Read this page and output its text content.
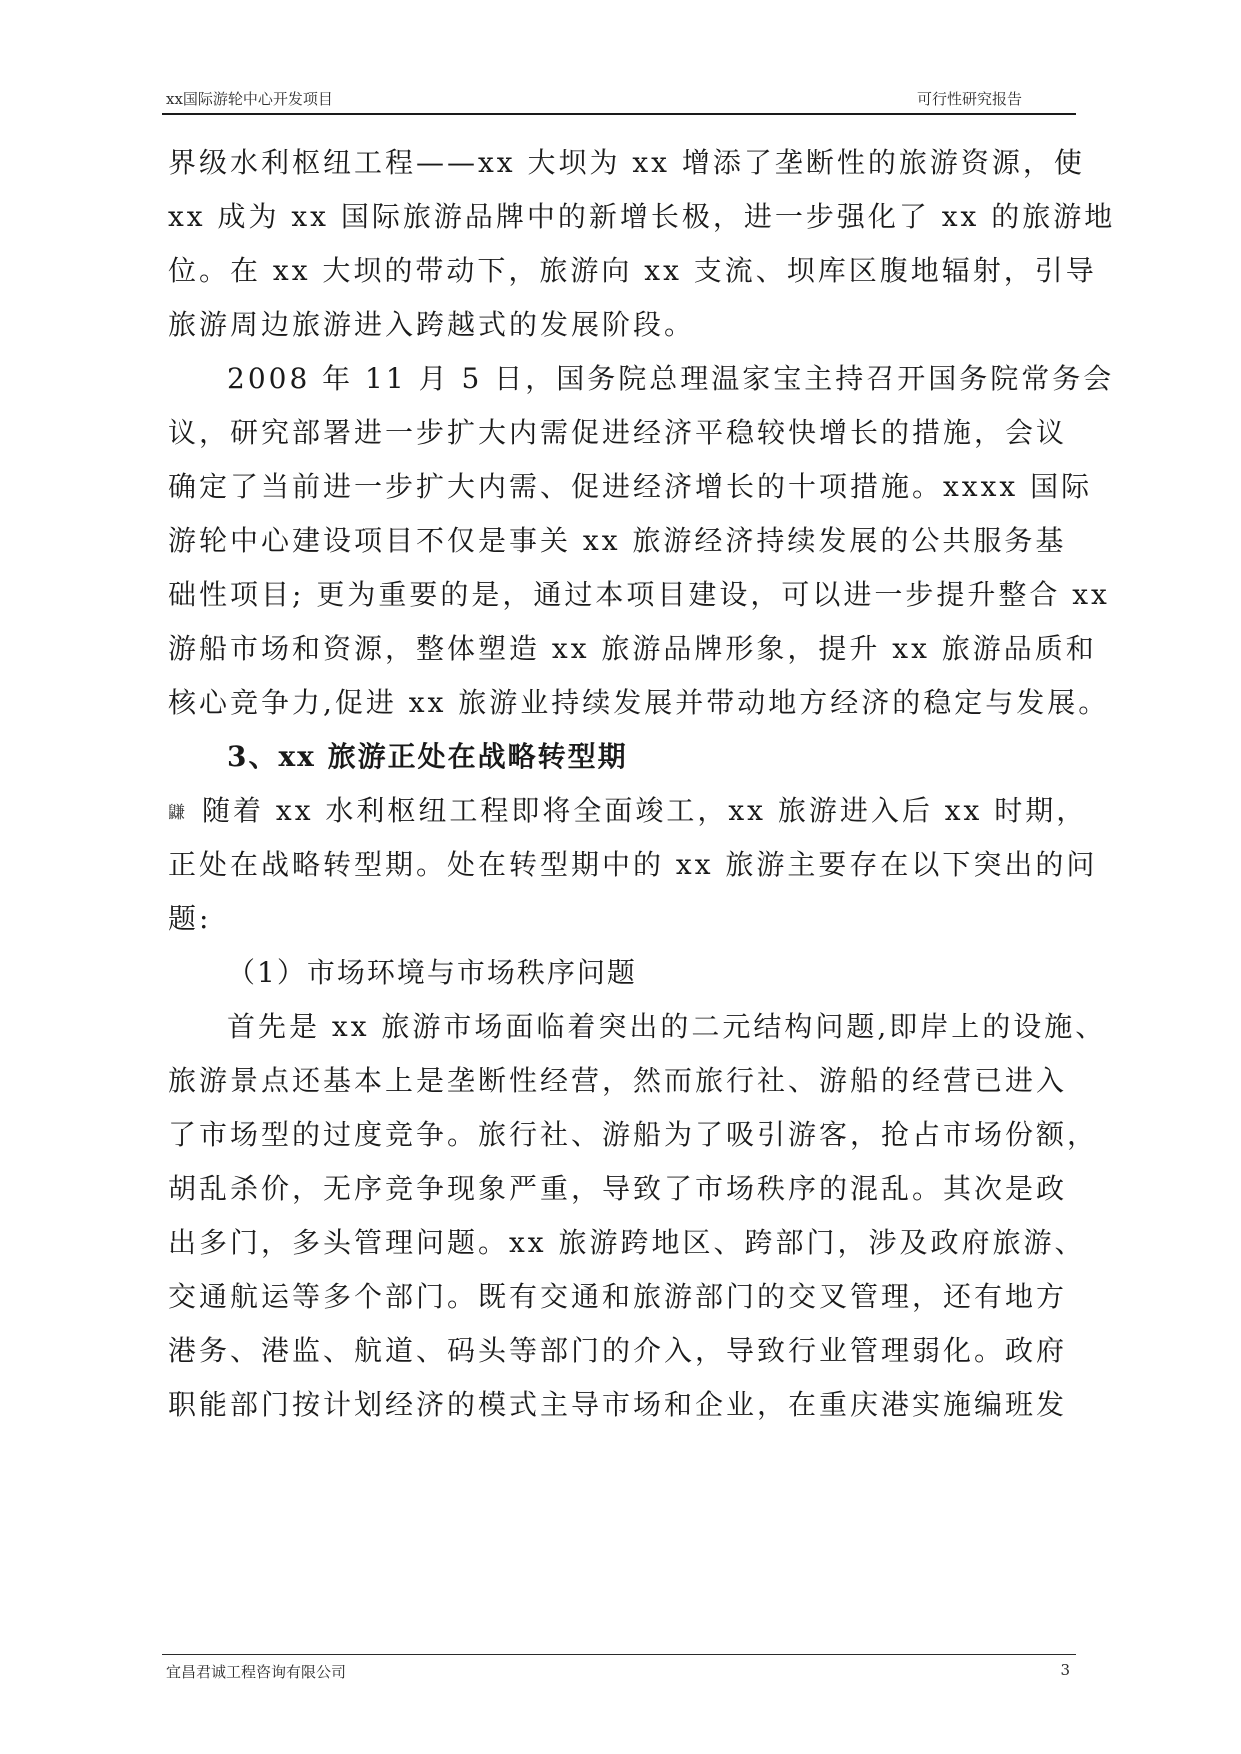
xx国际游轮中心开发项目	可行性研究报告
界级水利枢纽工程——xx 大坝为 xx 增添了垄断性的旅游资源，使
xx 成为 xx 国际旅游品牌中的新增长极，进一步强化了 xx 的旅游地
位。在 xx 大坝的带动下，旅游向 xx 支流、坝库区腹地辐射，引导
旅游周边旅游进入跨越式的发展阶段。
2008 年 11 月 5 日，国务院总理温家宝主持召开国务院常务会
议，研究部署进一步扩大内需促进经济平稳较快增长的措施，会议
确定了当前进一步扩大内需、促进经济增长的十项措施。xxxx 国际
游轮中心建设项目不仅是事关 xx 旅游经济持续发展的公共服务基
础性项目; 更为重要的是，通过本项目建设，可以进一步提升整合 xx
游船市场和资源，整体塑造 xx 旅游品牌形象，提升 xx 旅游品质和
核心竞争力,促进 xx 旅游业持续发展并带动地方经济的稳定与发展。
3、xx 旅游正处在战略转型期
鼸 随着 xx 水利枢纽工程即将全面竣工，xx 旅游进入后 xx 时期，
正处在战略转型期。处在转型期中的 xx 旅游主要存在以下突出的问
题:
（1）市场环境与市场秩序问题
首先是 xx 旅游市场面临着突出的二元结构问题,即岸上的设施、
旅游景点还基本上是垄断性经营，然而旅行社、游船的经营已进入
了市场型的过度竞争。旅行社、游船为了吸引游客，抢占市场份额，
胡乱杀价，无序竞争现象严重，导致了市场秩序的混乱。其次是政
出多门，多头管理问题。xx 旅游跨地区、跨部门，涉及政府旅游、
交通航运等多个部门。既有交通和旅游部门的交叉管理，还有地方
港务、港监、航道、码头等部门的介入，导致行业管理弱化。政府
职能部门按计划经济的模式主导市场和企业，在重庆港实施编班发
宜昌君诚工程咨询有限公司	3
